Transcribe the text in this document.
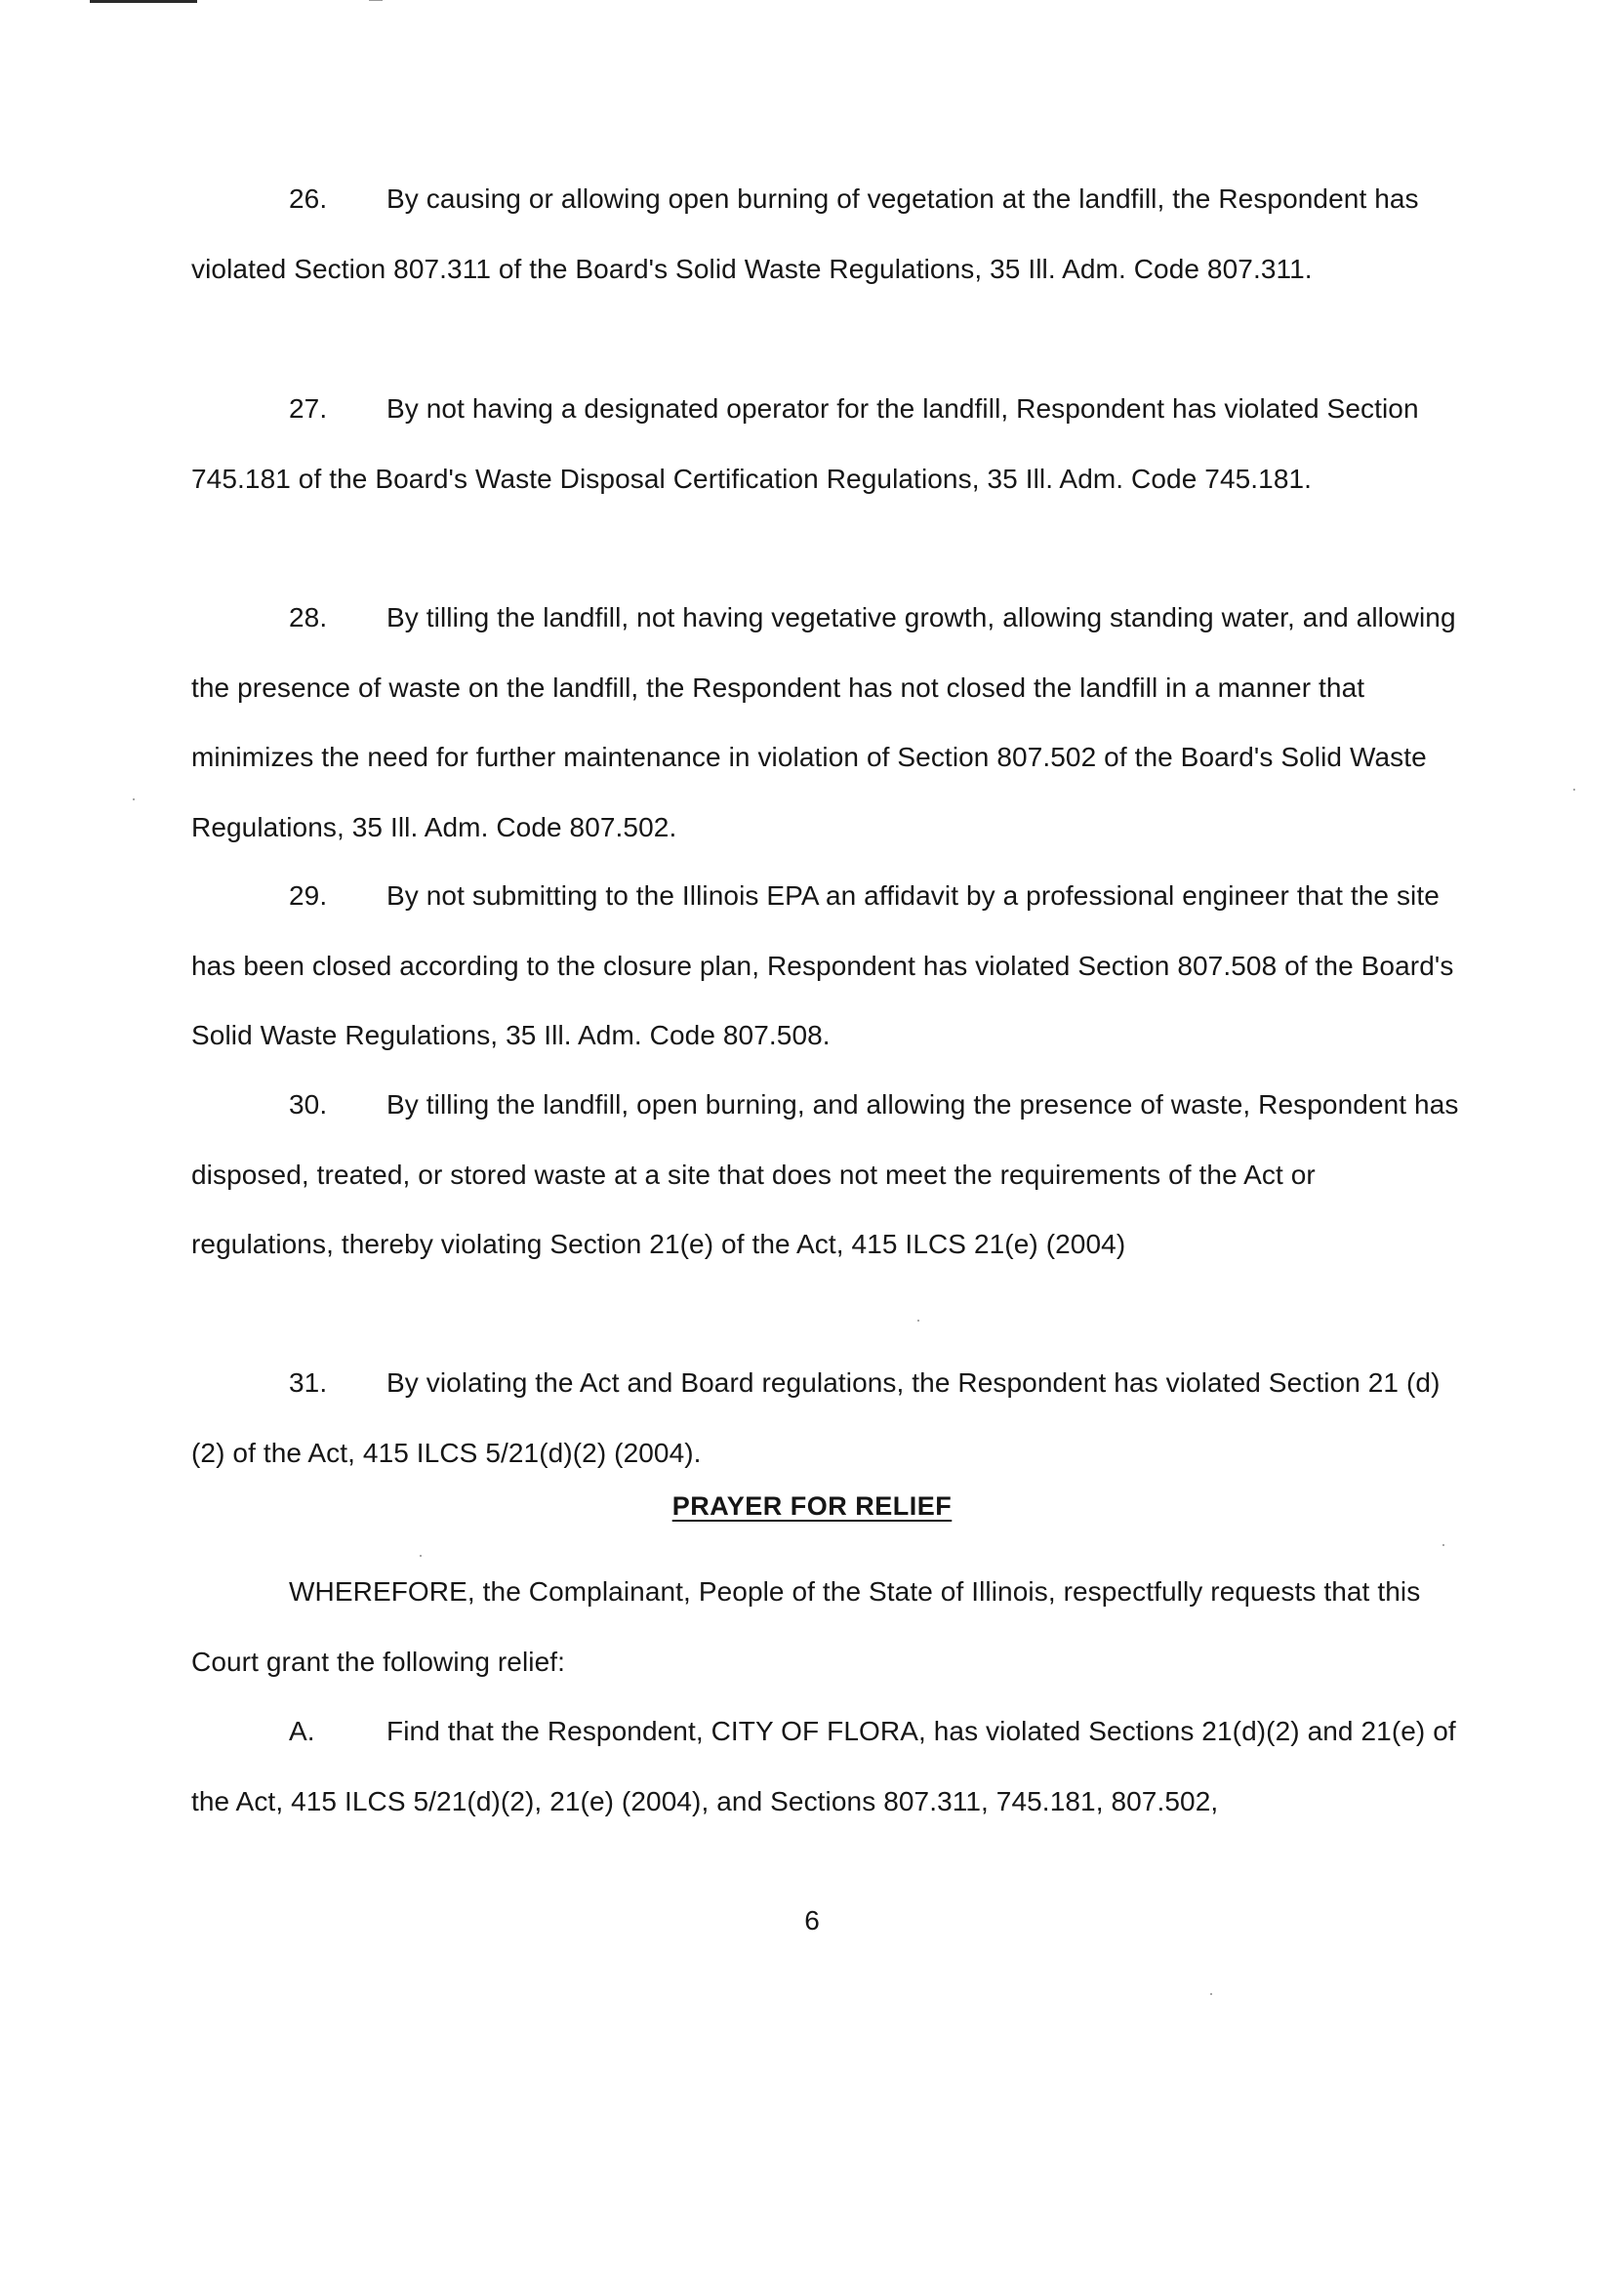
26. By causing or allowing open burning of vegetation at the landfill, the Respondent has violated Section 807.311 of the Board's Solid Waste Regulations, 35 Ill. Adm. Code 807.311.

27. By not having a designated operator for the landfill, Respondent has violated Section 745.181 of the Board's Waste Disposal Certification Regulations, 35 Ill. Adm. Code 745.181.

28. By tilling the landfill, not having vegetative growth, allowing standing water, and allowing the presence of waste on the landfill, the Respondent has not closed the landfill in a manner that minimizes the need for further maintenance in violation of Section 807.502 of the Board's Solid Waste Regulations, 35 Ill. Adm. Code 807.502.

29. By not submitting to the Illinois EPA an affidavit by a professional engineer that the site has been closed according to the closure plan, Respondent has violated Section 807.508 of the Board's Solid Waste Regulations, 35 Ill. Adm. Code 807.508.

30. By tilling the landfill, open burning, and allowing the presence of waste, Respondent has disposed, treated, or stored waste at a site that does not meet the requirements of the Act or regulations, thereby violating Section 21(e) of the Act, 415 ILCS 21(e) (2004)

31. By violating the Act and Board regulations, the Respondent has violated Section 21 (d)(2) of the Act, 415 ILCS 5/21(d)(2) (2004).

PRAYER FOR RELIEF

WHEREFORE, the Complainant, People of the State of Illinois, respectfully requests that this Court grant the following relief:

A.	Find that the Respondent, CITY OF FLORA, has violated Sections 21(d)(2) and 21(e) of the Act, 415 ILCS 5/21(d)(2), 21(e) (2004), and Sections 807.311, 745.181, 807.502,

6
